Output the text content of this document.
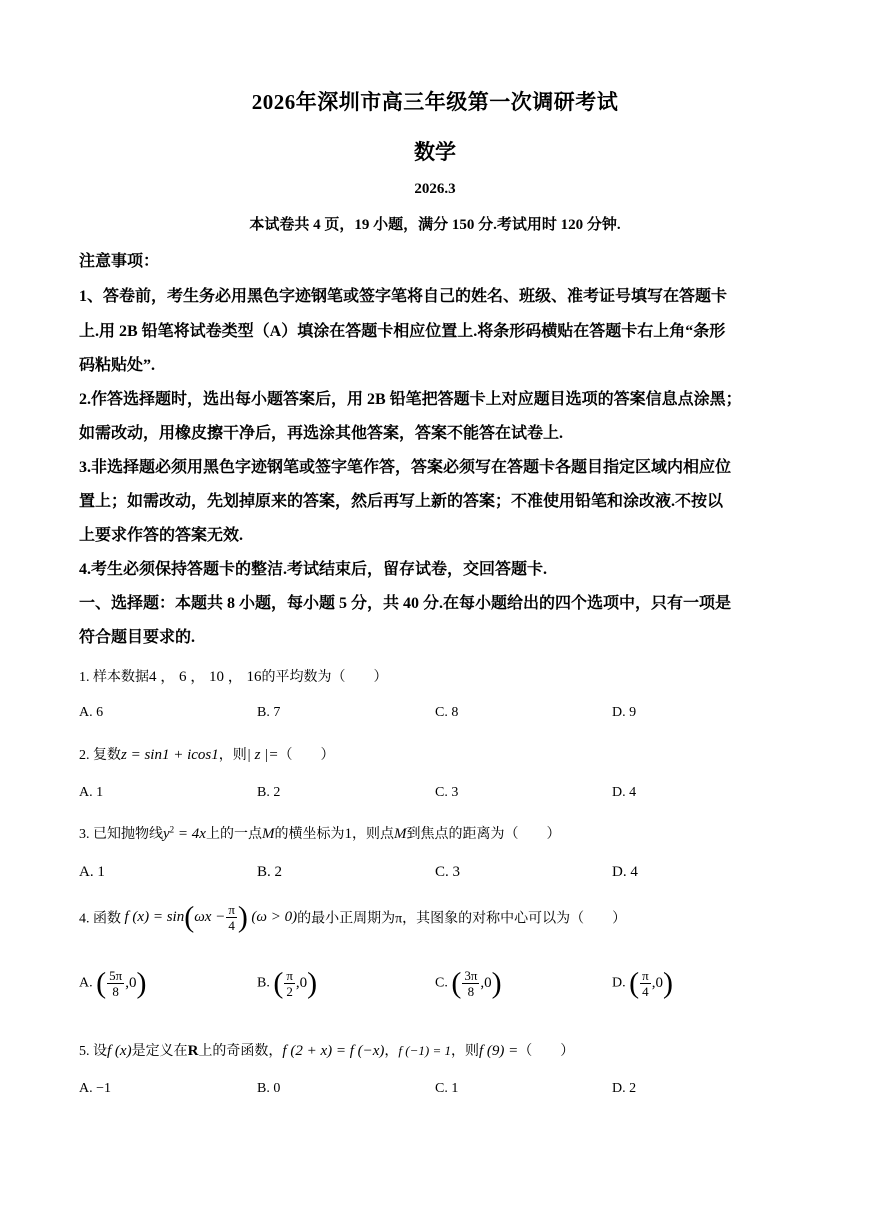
2026年深圳市高三年级第一次调研考试
数学
2026.3
本试卷共 4 页，19 小题，满分 150 分.考试用时 120 分钟.
注意事项：
1、答卷前，考生务必用黑色字迹钢笔或签字笔将自己的姓名、班级、准考证号填写在答题卡
上.用 2B 铅笔将试卷类型（A）填涂在答题卡相应位置上.将条形码横贴在答题卡右上角“条形
码粘贴处”.
2.作答选择题时，选出每小题答案后，用 2B 铅笔把答题卡上对应题目选项的答案信息点涂黑；
如需改动，用橡皮擦干净后，再选涂其他答案，答案不能答在试卷上.
3.非选择题必须用黑色字迹钢笔或签字笔作答，答案必须写在答题卡各题目指定区域内相应位
置上；如需改动，先划掉原来的答案，然后再写上新的答案；不准使用铅笔和涂改液.不按以
上要求作答的答案无效.
4.考生必须保持答题卡的整洁.考试结束后，留存试卷，交回答题卡.
一、选择题：本题共 8 小题，每小题 5 分，共 40 分.在每小题给出的四个选项中，只有一项是
符合题目要求的.
1. 样本数据4 ， 6 ， 10 ， 16的平均数为（　　）
A. 6	B. 7	C. 8	D. 9
2. 复数z = sin1 + icos1，则| z |=（　　）
A. 1	B. 2	C. 3	D. 4
3. 已知抛物线$y^2 = 4x$上的一点M的横坐标为1，则点M到焦点的距离为（　　）
A. 1	B. 2	C. 3	D. 4
4. 函数 f $(x) = \sin(\omega x - \frac{\pi}{4}$ ) (ω > 0)的最小正周期为π，其图象的对称中心可以为（　　）
A. ( $\frac{5\pi}{8} ,0$)	B. ( $\frac{\pi}{2} ,0$)	C. ( $\frac{3\pi}{8} ,0$)	D. ( $\frac{\pi}{4} ,0$)
5. 设f (x)是定义在R上的奇函数，f (2 + x) = f (−x)，f (−1) = 1，则f (9) =（　　）
A. −1	B. 0	C. 1	D. 2
